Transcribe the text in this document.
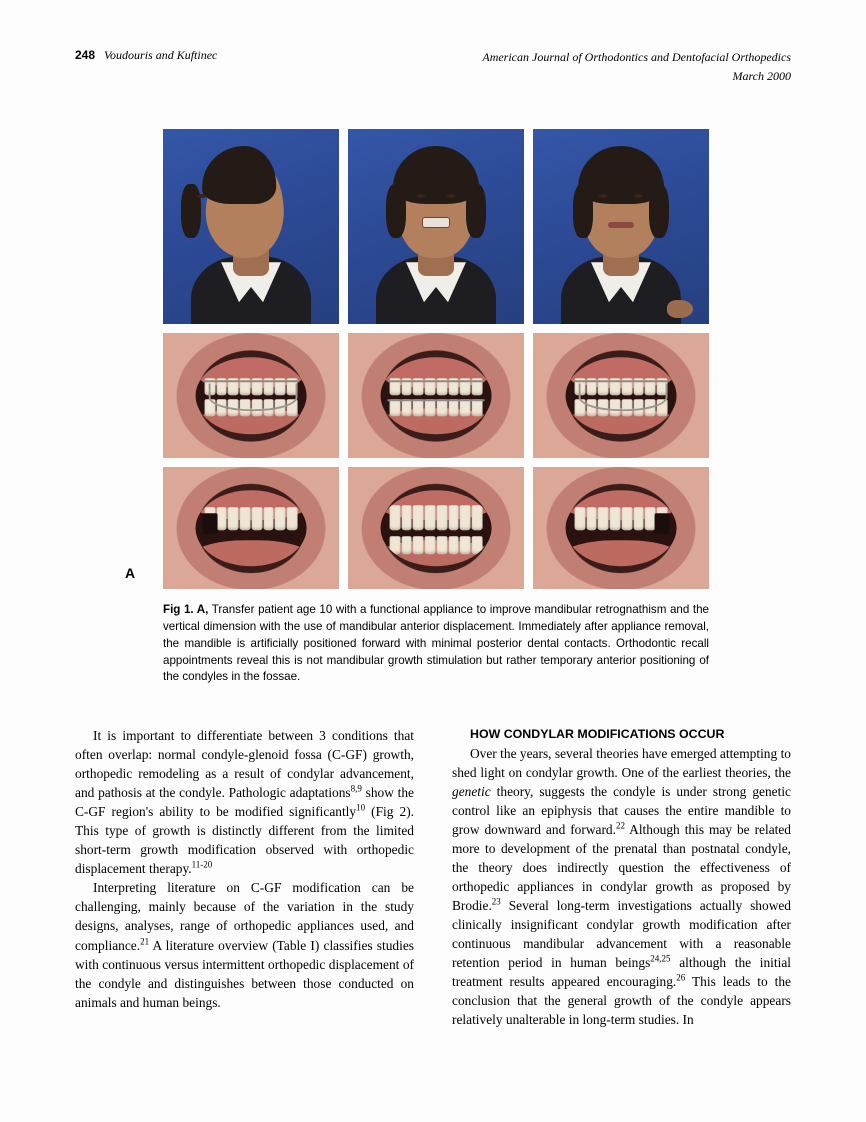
248 Voudouris and Kuftinec	American Journal of Orthodontics and Dentofacial Orthopedics
March 2000
A
Fig 1. A, Transfer patient age 10 with a functional appliance to improve mandibular retrognathism and the vertical dimension with the use of mandibular anterior displacement. Immediately after appliance removal, the mandible is artificially positioned forward with minimal posterior dental contacts. Orthodontic recall appointments reveal this is not mandibular growth stimulation but rather temporary anterior positioning of the condyles in the fossae.

It is important to differentiate between 3 conditions that often overlap: normal condyle-glenoid fossa (C-GF) growth, orthopedic remodeling as a result of condylar advancement, and pathosis at the condyle. Pathologic adaptations$^{8,9}$ show the C-GF region's ability to be modified significantly$^{10}$ (Fig 2). This type of growth is distinctly different from the limited short-term growth modification observed with orthopedic displacement therapy.$^{11-20}$

Interpreting literature on C-GF modification can be challenging, mainly because of the variation in the study designs, analyses, range of orthopedic appliances used, and compliance.$^{21}$ A literature overview (Table I) classifies studies with continuous versus intermittent orthopedic displacement of the condyle and distinguishes between those conducted on animals and human beings.

HOW CONDYLAR MODIFICATIONS OCCUR

Over the years, several theories have emerged attempting to shed light on condylar growth. One of the earliest theories, the genetic theory, suggests the condyle is under strong genetic control like an epiphysis that causes the entire mandible to grow downward and forward.$^{22}$ Although this may be related more to development of the prenatal than postnatal condyle, the theory does indirectly question the effectiveness of orthopedic appliances in condylar growth as proposed by Brodie.$^{23}$ Several long-term investigations actually showed clinically insignificant condylar growth modification after continuous mandibular advancement with a reasonable retention period in human beings$^{24,25}$ although the initial treatment results appeared encouraging.$^{26}$ This leads to the conclusion that the general growth of the condyle appears relatively unalterable in long-term studies. In
